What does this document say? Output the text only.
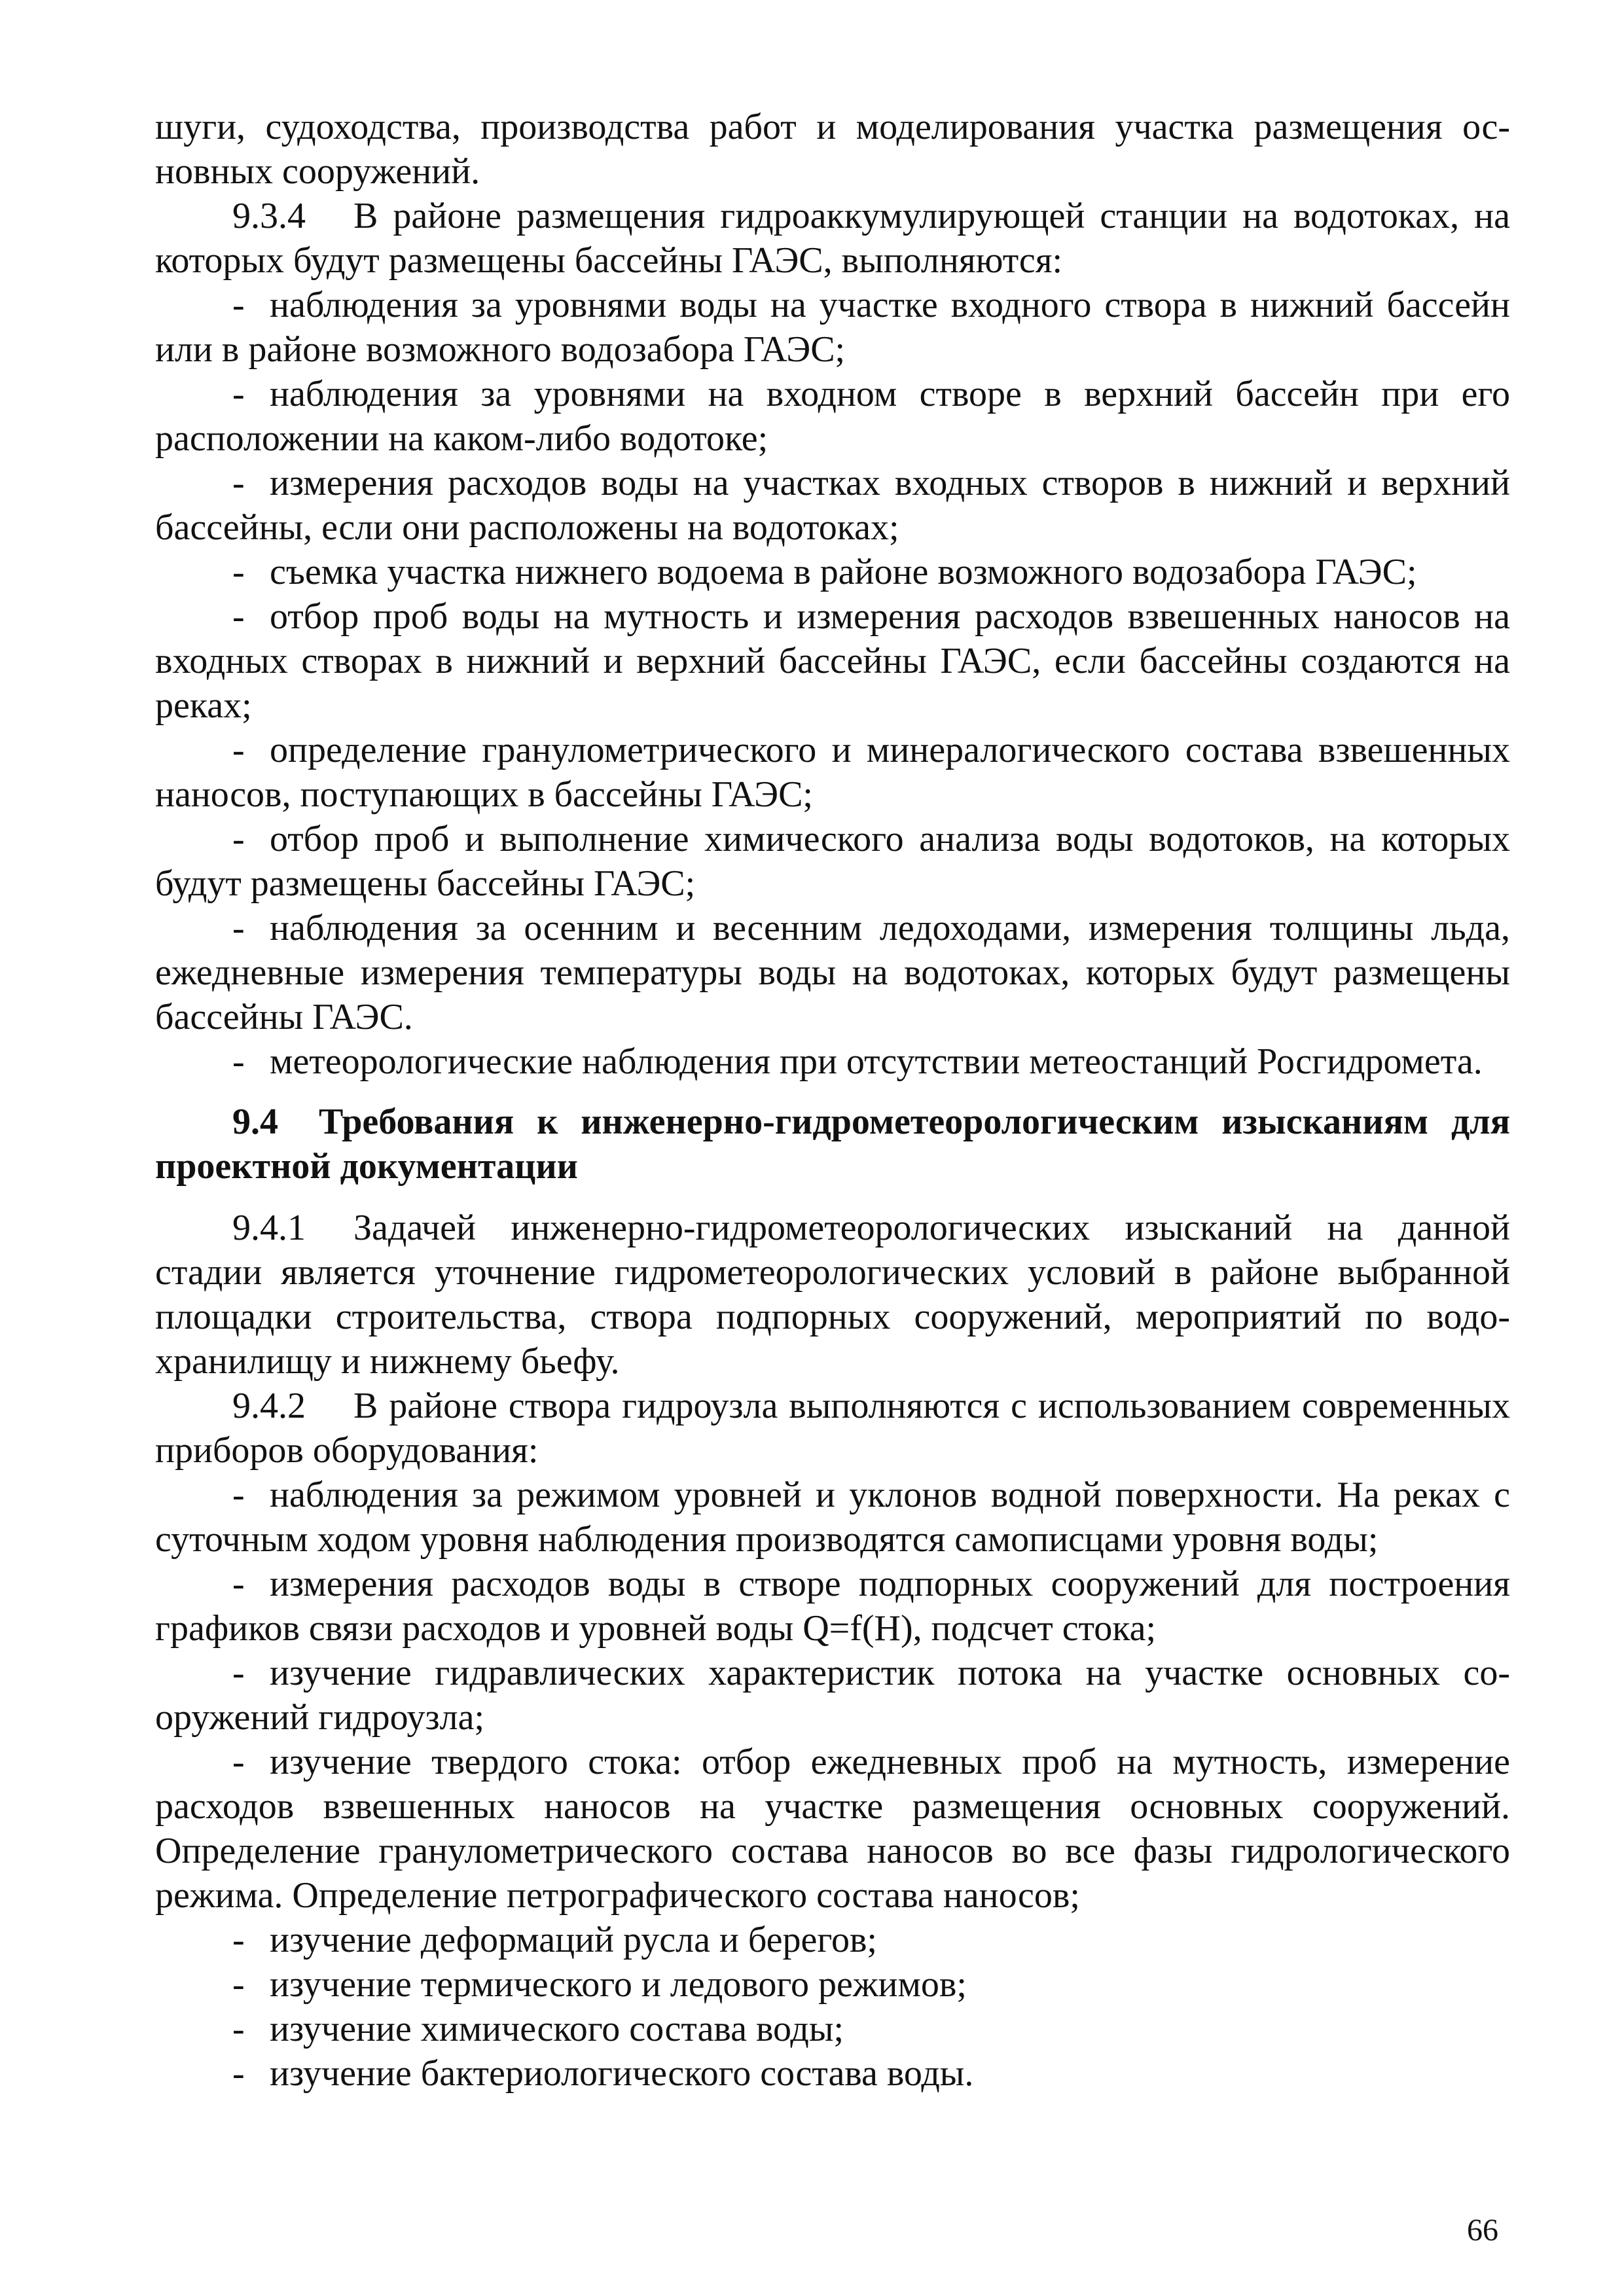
шуги, судоходства, производства работ и моделирования участка размещения основных сооружений.

9.3.4 В районе размещения гидроаккумулирующей станции на водотоках, на которых будут размещены бассейны ГАЭС, выполняются:

- наблюдения за уровнями воды на участке входного створа в нижний бассейн или в районе возможного водозабора ГАЭС;

- наблюдения за уровнями на входном створе в верхний бассейн при его расположении на каком-либо водотоке;

- измерения расходов воды на участках входных створов в нижний и верхний бассейны, если они расположены на водотоках;

- съемка участка нижнего водоема в районе возможного водозабора ГАЭС;

- отбор проб воды на мутность и измерения расходов взвешенных наносов на входных створах в нижний и верхний бассейны ГАЭС, если бассейны создаются на реках;

- определение гранулометрического и минералогического состава взвешенных наносов, поступающих в бассейны ГАЭС;

- отбор проб и выполнение химического анализа воды водотоков, на которых будут размещены бассейны ГАЭС;

- наблюдения за осенним и весенним ледоходами, измерения толщины льда, ежедневные измерения температуры воды на водотоках, которых будут размещены бассейны ГАЭС.

- метеорологические наблюдения при отсутствии метеостанций Росгидромета.

9.4 Требования к инженерно-гидрометеорологическим изысканиям для проектной документации

9.4.1 Задачей инженерно-гидрометеорологических изысканий на данной стадии является уточнение гидрометеорологических условий в районе выбранной площадки строительства, створа подпорных сооружений, мероприятий по водохранилищу и нижнему бьефу.

9.4.2 В районе створа гидроузла выполняются с использованием современных приборов оборудования:

- наблюдения за режимом уровней и уклонов водной поверхности. На реках с суточным ходом уровня наблюдения производятся самописцами уровня воды;

- измерения расходов воды в створе подпорных сооружений для построения графиков связи расходов и уровней воды Q=f(H), подсчет стока;

- изучение гидравлических характеристик потока на участке основных сооружений гидроузла;

- изучение твердого стока: отбор ежедневных проб на мутность, измерение расходов взвешенных наносов на участке размещения основных сооружений. Определение гранулометрического состава наносов во все фазы гидрологического режима. Определение петрографического состава наносов;

- изучение деформаций русла и берегов;

- изучение термического и ледового режимов;

- изучение химического состава воды;

- изучение бактериологического состава воды.

66
